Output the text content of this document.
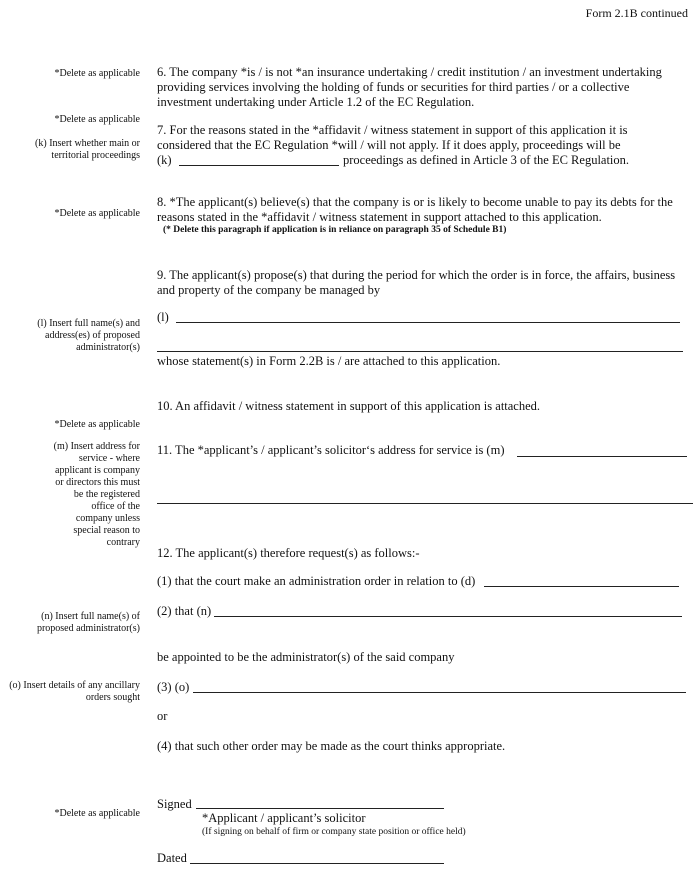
Form 2.1B continued
*Delete as applicable 6. The company *is / is not *an insurance undertaking / credit institution / an investment undertaking
providing services involving the holding of funds or securities for third parties / or a collective
investment undertaking under Article 1.2 of the EC Regulation.
*Delete as applicable
(k) Insert whether main or
territorial proceedings
7. For the reasons stated in the *affidavit / witness statement in support of this application it is
considered that the EC Regulation *will / will not apply. If it does apply, proceedings will be
(k)	proceedings as defined in Article 3 of the EC Regulation.
*Delete as applicable
8. *The applicant(s) believe(s) that the company is or is likely to become unable to pay its debts for the
reasons stated in the *affidavit / witness statement in support attached to this application.
(* Delete this paragraph if application is in reliance on paragraph 35 of Schedule B1)
9. The applicant(s) propose(s) that during the period for which the order is in force, the affairs, business
and property of the company be managed by
(l) Insert full name(s) and
address(es) of proposed
administrator(s)
(l)
whose statement(s) in Form 2.2B is / are attached to this application.
10. An affidavit / witness statement in support of this application is attached.
*Delete as applicable
(m) Insert address for
service - where
applicant is company
or directors this must
be the registered
office of the
company unless
special reason to
contrary
11. The *applicant’s / applicant’s solicitor‘s address for service is (m)
12. The applicant(s) therefore request(s) as follows:-
(1) that the court make an administration order in relation to (d)
(n) Insert full name(s) of
proposed administrator(s)
(2) that (n)
be appointed to be the administrator(s) of the said company
(o) Insert details of any ancillary
orders sought
(3) (o)
or
(4) that such other order may be made as the court thinks appropriate.
*Delete as applicable
Signed
*Applicant / applicant’s solicitor
(If signing on behalf of firm or company state position or office held)
Dated
